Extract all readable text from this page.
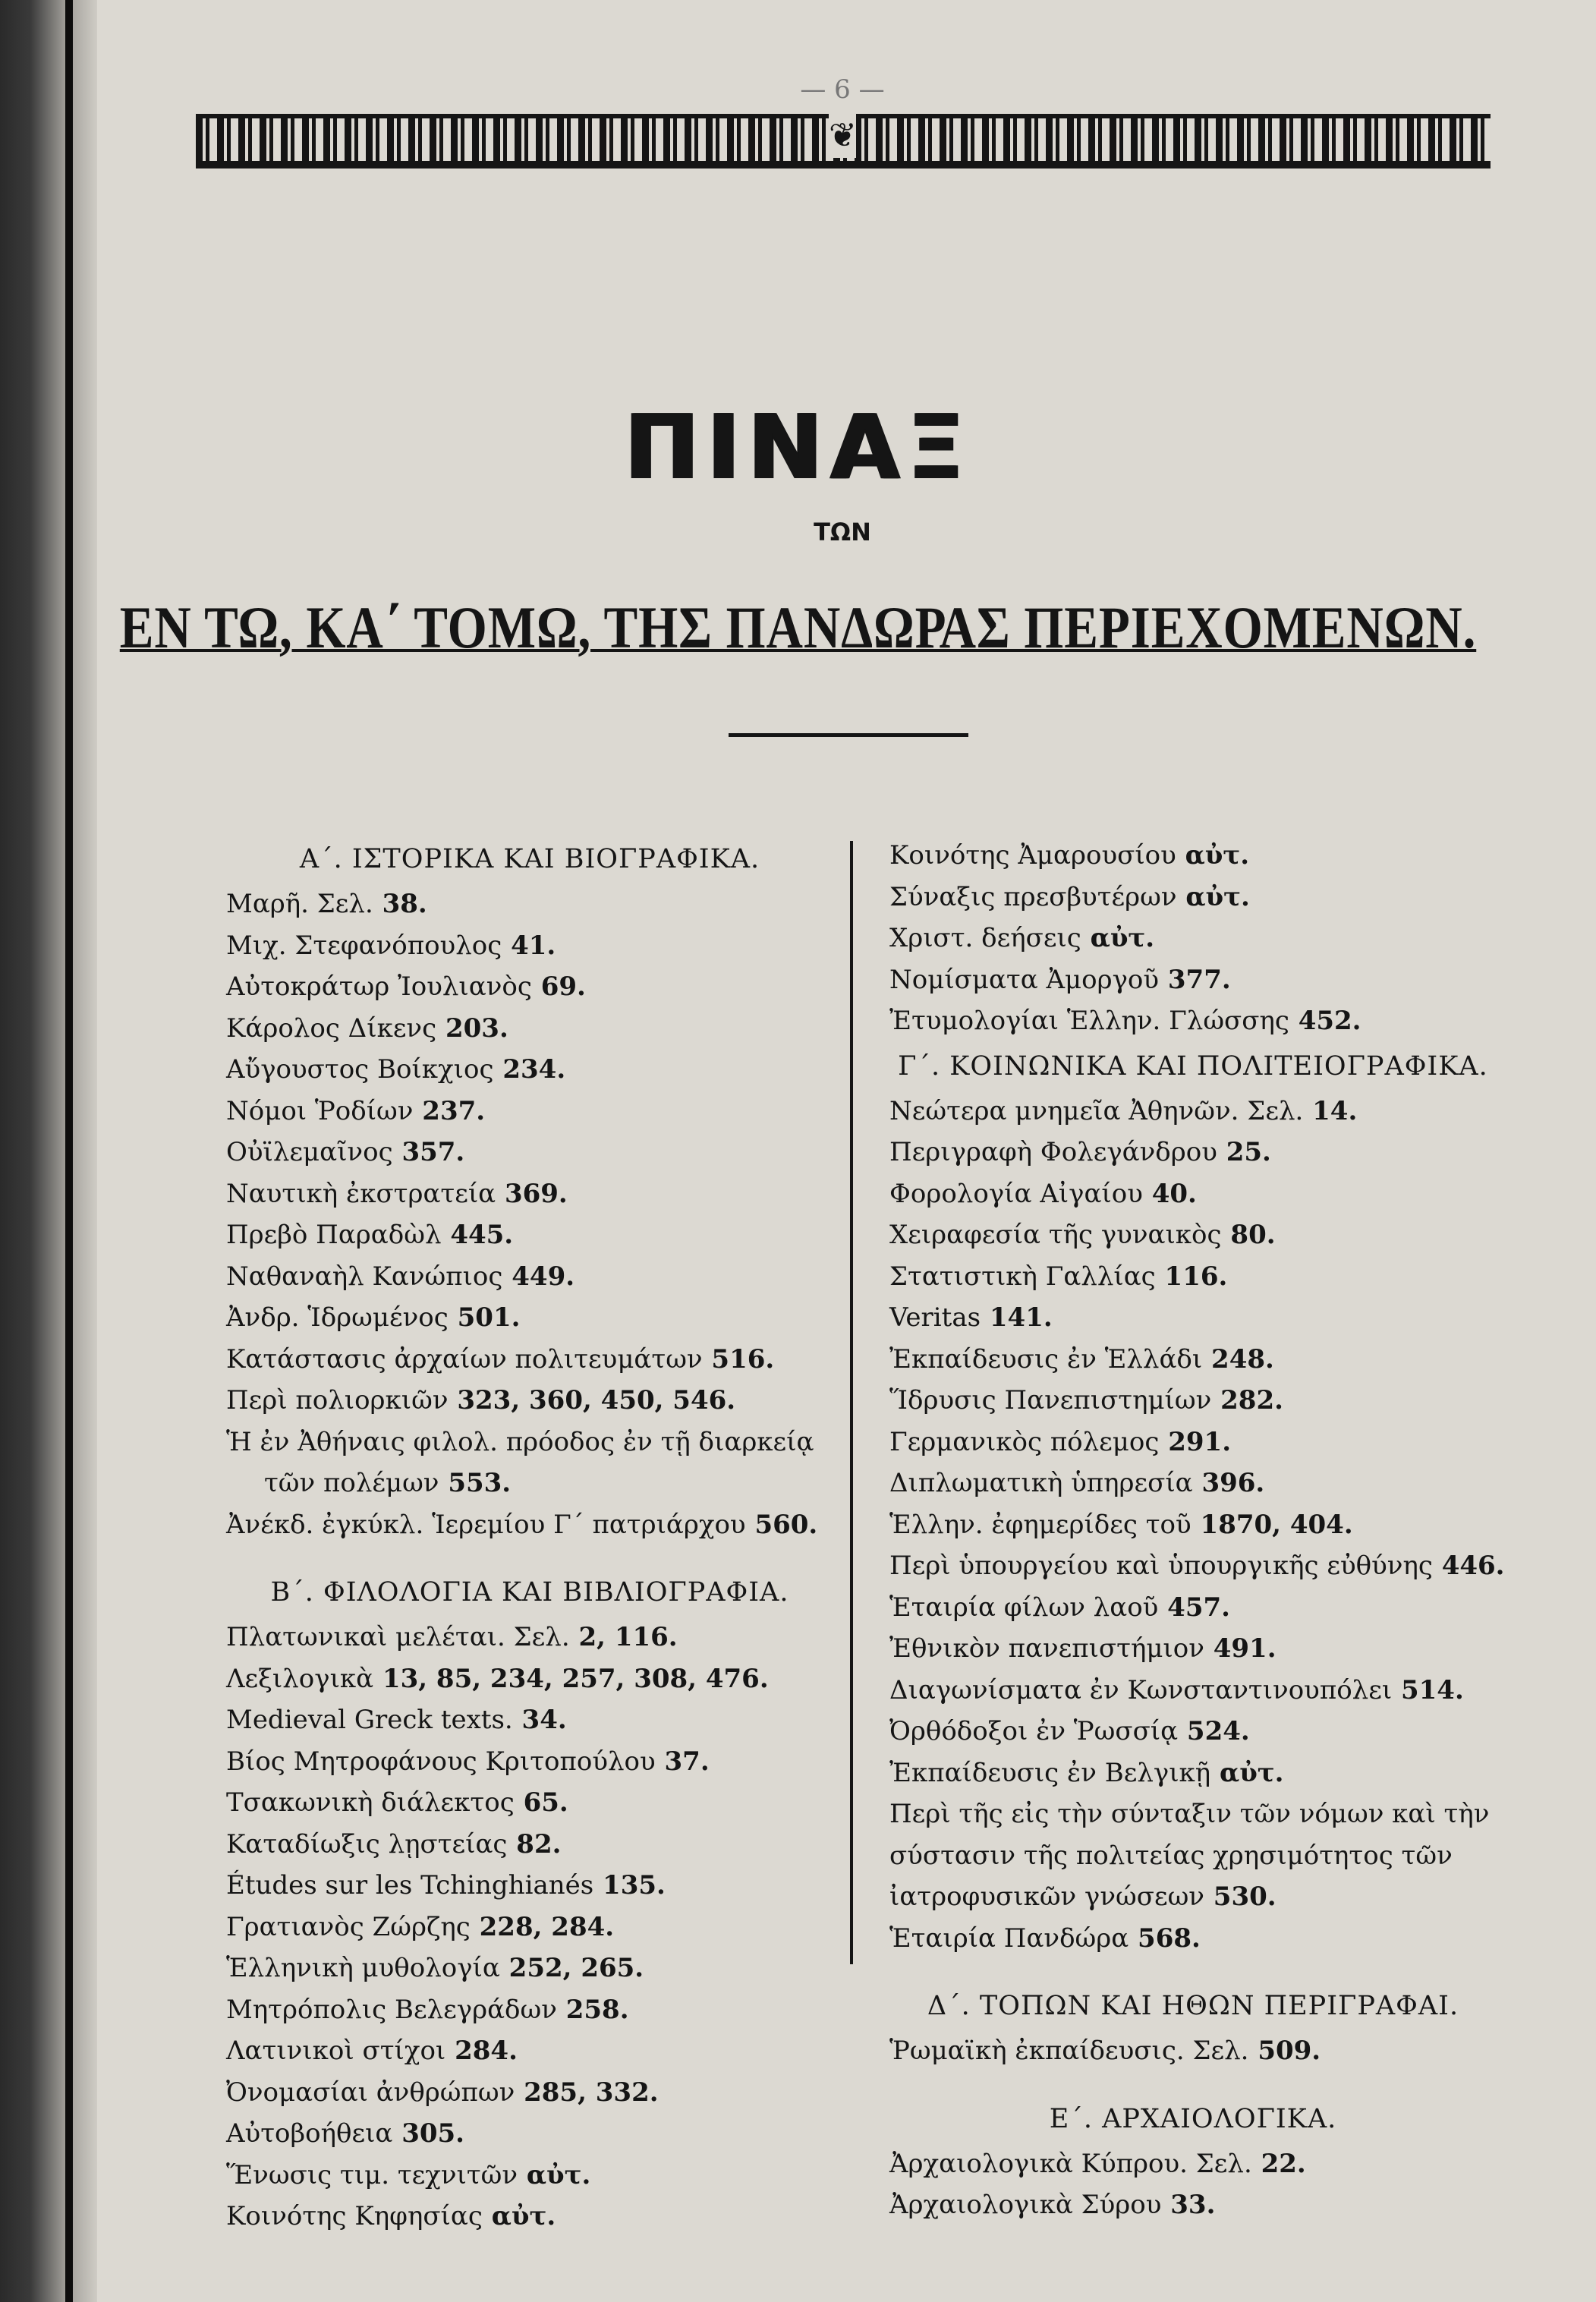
— 6 —
❦
ΠΙΝΑΞ
ΤΩΝ
ΕΝ ΤΩ, ΚΑ΄ ΤΟΜΩ, ΤΗΣ ΠΑΝΔΩΡΑΣ ΠΕΡΙΕΧΟΜΕΝΩΝ.
Α΄. ΙΣΤΟΡΙΚΑ ΚΑΙ ΒΙΟΓΡΑΦΙΚΑ.

Μαρῆ. Σελ. 38.

Μιχ. Στεφανόπουλος 41.

Αὐτοκράτωρ Ἰουλιανὸς 69.

Κάρολος Δίκενς 203.

Αὔγουστος Βοίκχιος 234.

Νόμοι Ῥοδίων 237.

Οὐϊλεμαῖνος 357.

Ναυτικὴ ἐκστρατεία 369.

Πρεβὸ Παραδὼλ 445.

Ναθαναὴλ Κανώπιος 449.

Ἀνδρ. Ἱδρωμένος 501.

Κατάστασις ἀρχαίων πολιτευμάτων 516.

Περὶ πολιορκιῶν 323, 360, 450, 546.

Ἡ ἐν Ἀθήναις φιλολ. πρόοδος ἐν τῇ διαρκείᾳ τῶν πολέμων 553.

Ἀνέκδ. ἐγκύκλ. Ἱερεμίου Γ΄ πατριάρχου 560.

Β΄. ΦΙΛΟΛΟΓΙΑ ΚΑΙ ΒΙΒΛΙΟΓΡΑΦΙΑ.

Πλατωνικαὶ μελέται. Σελ. 2, 116.

Λεξιλογικὰ 13, 85, 234, 257, 308, 476.

Medieval Greck texts. 34.

Βίος Μητροφάνους Κριτοπούλου 37.

Τσακωνικὴ διάλεκτος 65.

Καταδίωξις λῃστείας 82.

Études sur les Tchinghianés 135.

Γρατιανὸς Ζώρζης 228, 284.

Ἑλληνικὴ μυθολογία 252, 265.

Μητρόπολις Βελεγράδων 258.

Λατινικοὶ στίχοι 284.

Ὀνομασίαι ἀνθρώπων 285, 332.

Αὐτοβοήθεια 305.

Ἕνωσις τιμ. τεχνιτῶν αὐτ.

Κοινότης Κηφησίας αὐτ.

Κοινότης Ἀμαρουσίου αὐτ.

Σύναξις πρεσβυτέρων αὐτ.

Χριστ. δεήσεις αὐτ.

Νομίσματα Ἀμοργοῦ 377.

Ἐτυμολογίαι Ἑλλην. Γλώσσης 452.

Γ΄. ΚΟΙΝΩΝΙΚΑ ΚΑΙ ΠΟΛΙΤΕΙΟΓΡΑΦΙΚΑ.

Νεώτερα μνημεῖα Ἀθηνῶν. Σελ. 14.

Περιγραφὴ Φολεγάνδρου 25.

Φορολογία Αἰγαίου 40.

Χειραφεσία τῆς γυναικὸς 80.

Στατιστικὴ Γαλλίας 116.

Veritas 141.

Ἐκπαίδευσις ἐν Ἑλλάδι 248.

Ἵδρυσις Πανεπιστημίων 282.

Γερμανικὸς πόλεμος 291.

Διπλωματικὴ ὑπηρεσία 396.

Ἑλλην. ἐφημερίδες τοῦ 1870, 404.

Περὶ ὑπουργείου καὶ ὑπουργικῆς εὐθύνης 446.

Ἑταιρία φίλων λαοῦ 457.

Ἐθνικὸν πανεπιστήμιον 491.

Διαγωνίσματα ἐν Κωνσταντινουπόλει 514.

Ὀρθόδοξοι ἐν Ῥωσσίᾳ 524.

Ἐκπαίδευσις ἐν Βελγικῇ αὐτ.

Περὶ τῆς εἰς τὴν σύνταξιν τῶν νόμων καὶ τὴν σύστασιν τῆς πολιτείας χρησιμότητος τῶν ἰατροφυσικῶν γνώσεων 530.

Ἑταιρία Πανδώρα 568.

Δ΄. ΤΟΠΩΝ ΚΑΙ ΗΘΩΝ ΠΕΡΙΓΡΑΦΑΙ.

Ῥωμαϊκὴ ἐκπαίδευσις. Σελ. 509.

Ε΄. ΑΡΧΑΙΟΛΟΓΙΚΑ.

Ἀρχαιολογικὰ Κύπρου. Σελ. 22.

Ἀρχαιολογικὰ Σύρου 33.
